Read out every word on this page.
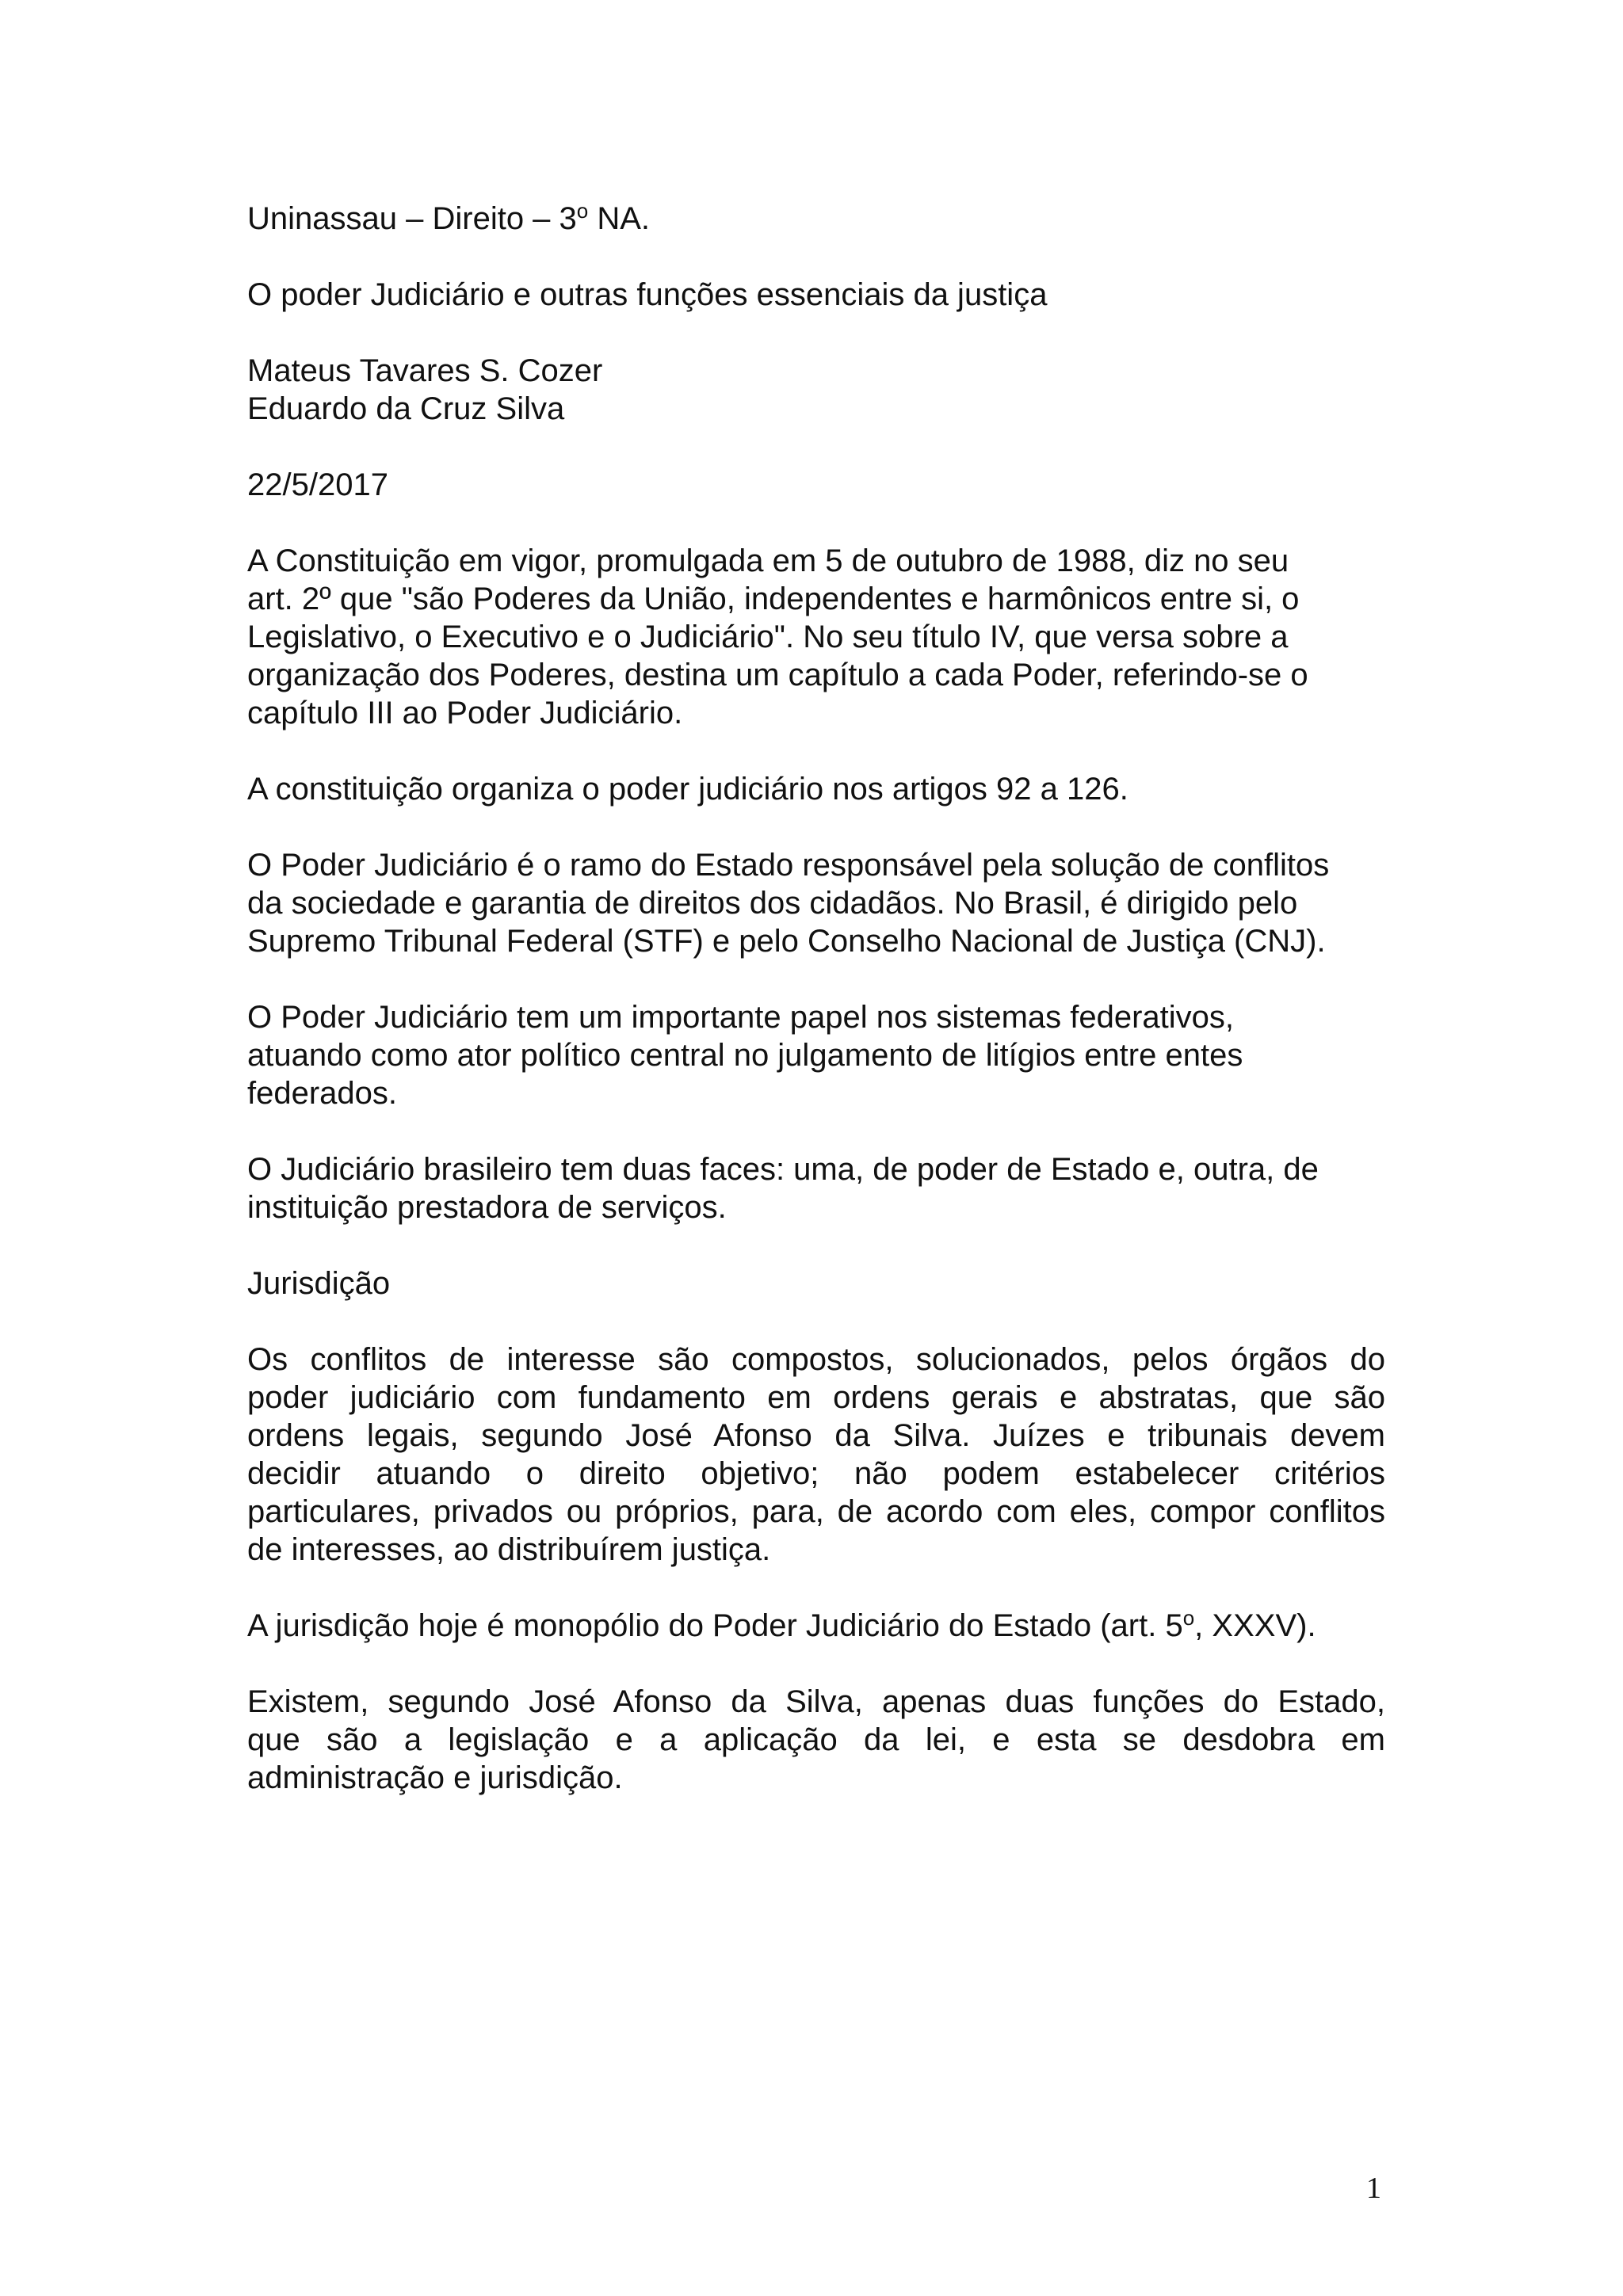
Uninassau – Direito – 3$^o$ NA.

O poder Judiciário e outras funções essenciais da justiça

Mateus Tavares S. Cozer

Eduardo da Cruz Silva

22/5/2017

A Constituição em vigor, promulgada em 5 de outubro de 1988, diz no seu

art. 2º que "são Poderes da União, independentes e harmônicos entre si, o

Legislativo, o Executivo e o Judiciário". No seu título IV, que versa sobre a

organização dos Poderes, destina um capítulo a cada Poder, referindo-se o

capítulo III ao Poder Judiciário.

A constituição organiza o poder judiciário nos artigos 92 a 126.

O Poder Judiciário é o ramo do Estado responsável pela solução de conflitos

da sociedade e garantia de direitos dos cidadãos. No Brasil, é dirigido pelo

Supremo Tribunal Federal (STF) e pelo Conselho Nacional de Justiça (CNJ).

O Poder Judiciário tem um importante papel nos sistemas federativos,

atuando como ator político central no julgamento de litígios entre entes

federados.

O Judiciário brasileiro tem duas faces: uma, de poder de Estado e, outra, de

instituição prestadora de serviços.

Jurisdição

Os conflitos de interesse são compostos, solucionados, pelos órgãos do

poder judiciário com fundamento em ordens gerais e abstratas, que são

ordens legais, segundo José Afonso da Silva. Juízes e tribunais devem

decidir atuando o direito objetivo; não podem estabelecer critérios

particulares, privados ou próprios, para, de acordo com eles, compor conflitos

de interesses, ao distribuírem justiça.

A jurisdição hoje é monopólio do Poder Judiciário do Estado (art. 5$^o$, XXXV).

Existem, segundo José Afonso da Silva, apenas duas funções do Estado,

que são a legislação e a aplicação da lei, e esta se desdobra em

administração e jurisdição.

1
